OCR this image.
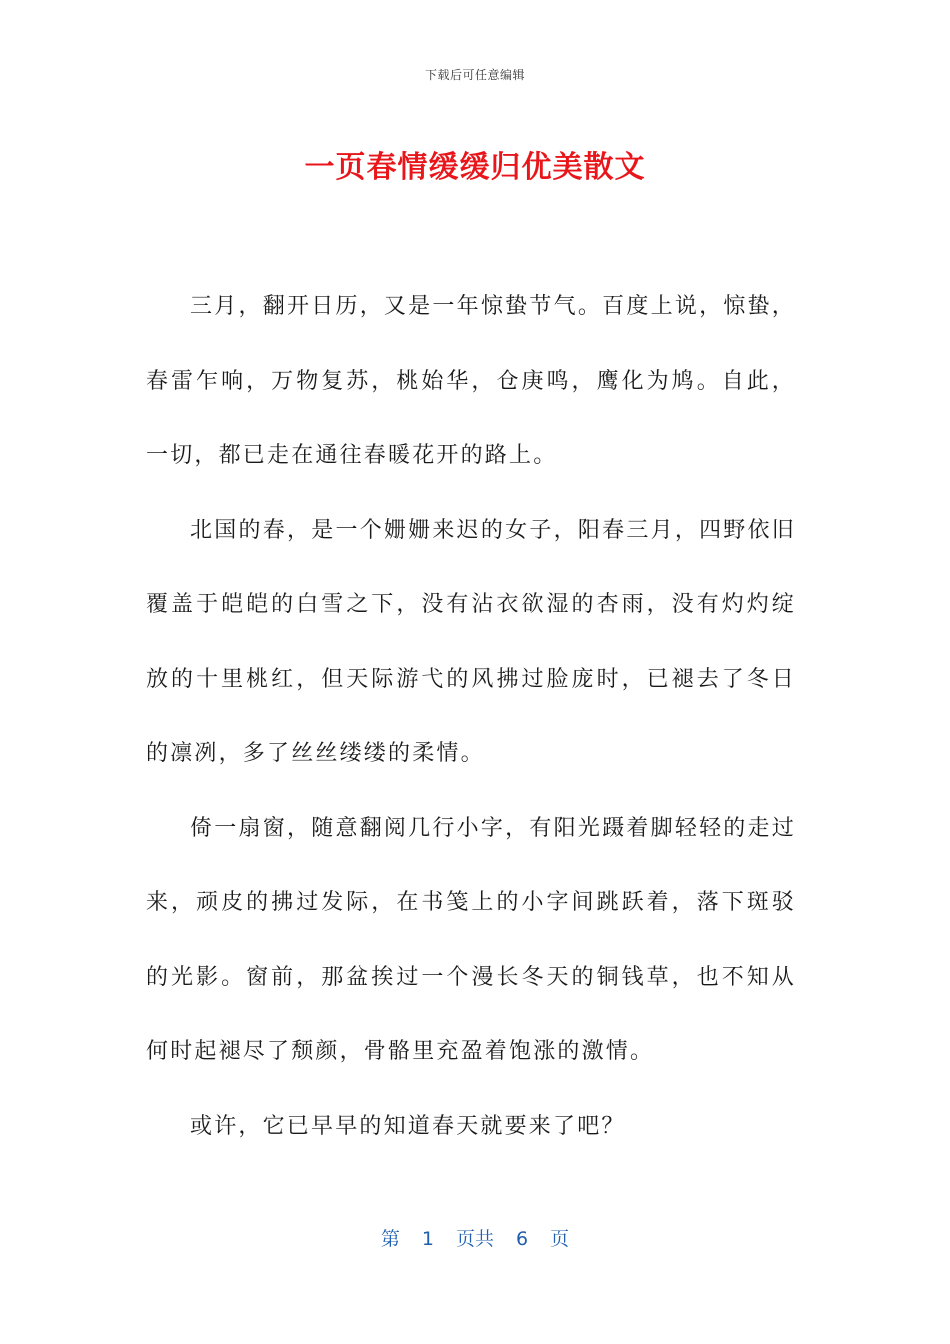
下载后可任意编辑
一页春情缓缓归优美散文

三月，翻开日历，又是一年惊蛰节气。百度上说，惊蛰，春雷乍响，万物复苏，桃始华，仓庚鸣，鹰化为鸠。自此，一切，都已走在通往春暖花开的路上。

北国的春，是一个姗姗来迟的女子，阳春三月，四野依旧覆盖于皑皑的白雪之下，没有沾衣欲湿的杏雨，没有灼灼绽放的十里桃红，但天际游弋的风拂过脸庞时，已褪去了冬日的凛冽，多了丝丝缕缕的柔情。

倚一扇窗，随意翻阅几行小字，有阳光蹑着脚轻轻的走过来，顽皮的拂过发际，在书笺上的小字间跳跃着，落下斑驳的光影。窗前，那盆挨过一个漫长冬天的铜钱草，也不知从何时起褪尽了颓颜，骨骼里充盈着饱涨的激情。

或许，它已早早的知道春天就要来了吧？

第 1 页共 6 页
